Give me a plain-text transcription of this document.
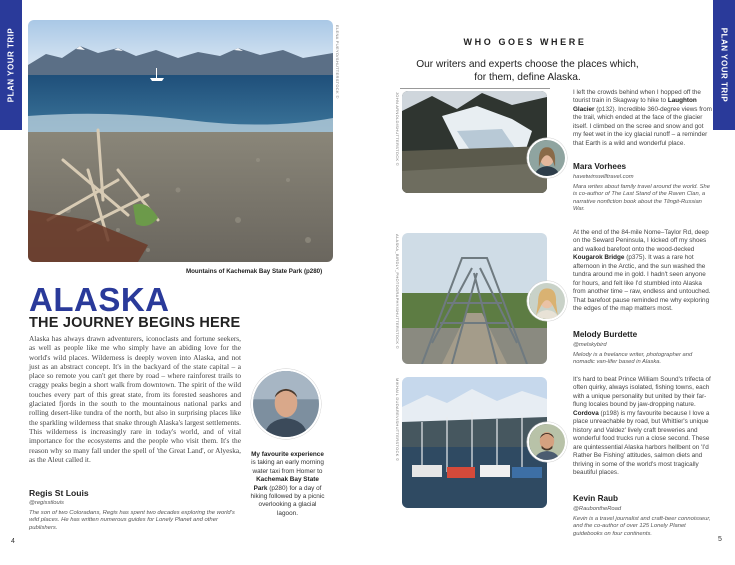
PLAN YOUR TRIP	PLAN YOUR TRIP
ELENA PUEYO/SHUTTERSTOCK ©
Mountains of Kachemak Bay State Park (p280)
ALASKA
THE JOURNEY BEGINS HERE
Alaska has always drawn adventurers, iconoclasts and fortune seekers, as well as people like me who simply have an abiding love for the world's wild places. Wilderness is deeply woven into Alaska, and not just as an abstract concept. It's in the backyard of the state capital – a place so remote you can't get there by road – where rainforest trails to craggy peaks begin a short walk from downtown. The spirit of the wild touches every part of this great state, from its forested seashores and glaciated fjords in the south to the mountainous national parks and rolling desert-like tundra of the north, but also in surprising places like the sparkling wilderness that snake through Alaska's largest settlements. This wilderness is increasingly rare in today's world, and of vital importance for the ecosystems and the people who visit them. It's the reason why so many fall under the spell of 'the Great Land', or Alyeska, as the Aleut called it.
Regis St Louis
@regisstlouis
The son of two Coloradans, Regis has spent two decades exploring the world's wild places. He has written numerous guides for Lonely Planet and other publishers.
My favourite experience is taking an early morning water taxi from Homer to Kachemak Bay State Park (p280) for a day of hiking followed by a picnic overlooking a glacial lagoon.
4
WHO GOES WHERE
Our writers and experts choose the places which, for them, define Alaska.
JOHN ARNOLD/SHUTTERSTOCK ©	I left the crowds behind when I hopped off the tourist train in Skagway to hike to Laughton Glacier (p132). Incredible 360-degree views from the trail, which ended at the face of the glacier itself. I climbed on the scree and snow and got my feet wet in the icy glacial runoff – a reminder that Earth is a wild and wonderful place.
Mara Vorhees
havetwinswilltravel.com
Mara writes about family travel around the world. She is co-author of The Last Stand of the Raven Clan, a narrative nonfiction book about the Tlingit-Russian War.
ALASKA_BIRDLY_PHOTOGRAPHY/SHUTTERSTOCK ©
At the end of the 84-mile Nome–Taylor Rd, deep on the Seward Peninsula, I kicked off my shoes and walked barefoot onto the wood-decked Kougarok Bridge (p375). It was a rare hot afternoon in the Arctic, and the sun washed the tundra around me in gold. I hadn't seen anyone for hours, and felt like I'd stumbled into Alaska from another time – raw, endless and untouched. That barefoot pause reminded me why exploring the edges of the map matters most.
Melody Burdette
@melskybird
Melody is a freelance writer, photographer and nomadic van-lifer based in Alaska.
MIKHAIL DUDAREV/SHUTTERSTOCK ©	It's hard to beat Prince William Sound's trifecta of often quirky, always isolated, fishing towns, each with a unique personality but united by their far-flung locales bound by jaw-dropping nature. Cordova (p198) is my favourite because I love a place unreachable by road, but Whittier's unique history and Valdez' lively craft breweries and wonderful food trucks run a close second. These are quintessential Alaska harbors hellbent on 'I'd Rather Be Fishing' attitudes, salmon diets and thriving in some of the world's most tragically beautiful places.
Kevin Raub
@RaubontheRoad
Kevin is a travel journalist and craft-beer connoisseur, and the co-author of over 125 Lonely Planet guidebooks on four continents.
5
